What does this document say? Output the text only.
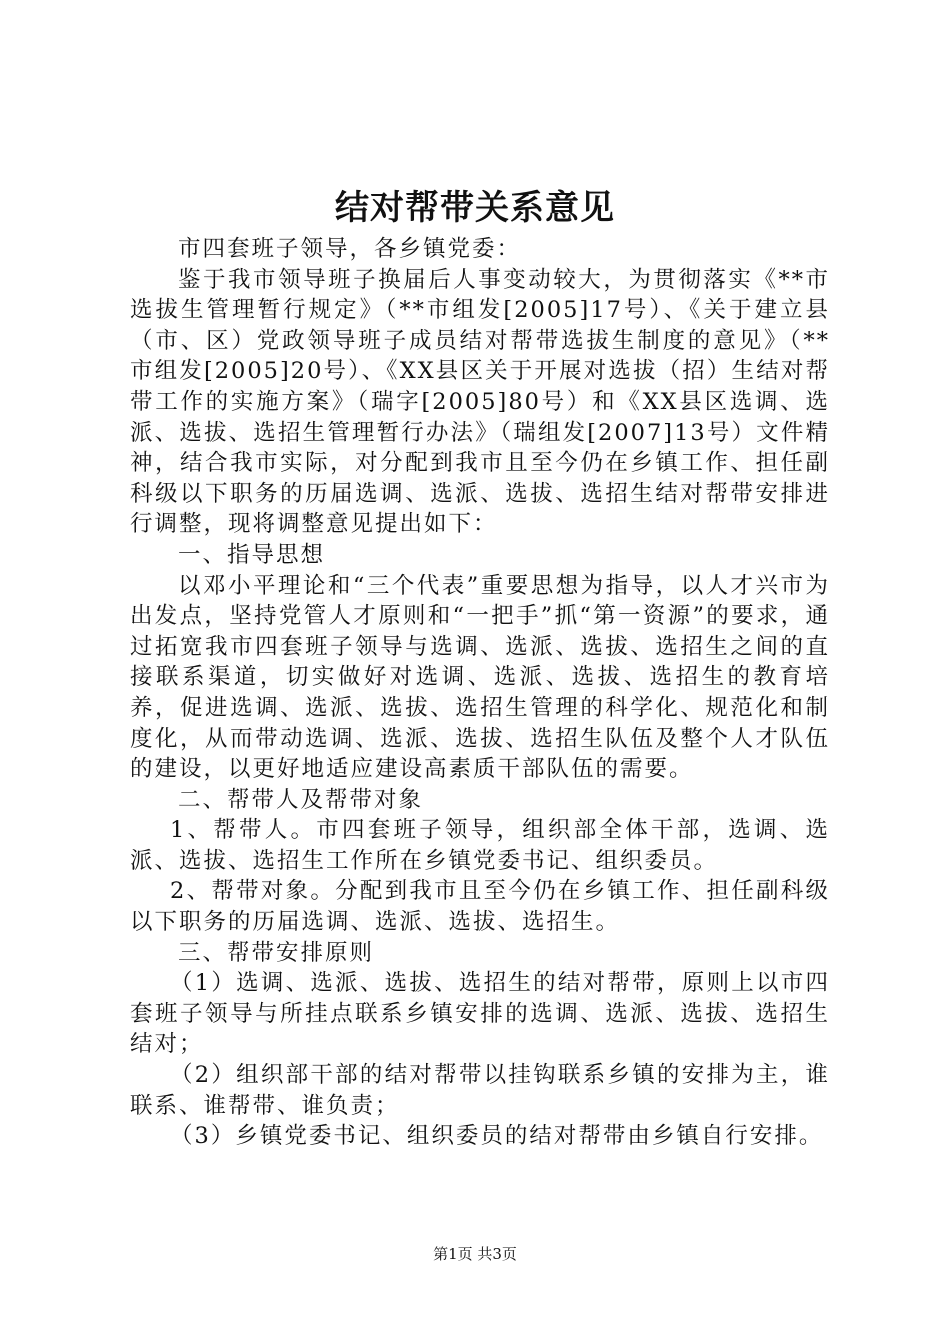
结对帮带关系意见

市四套班子领导，各乡镇党委：

鉴于我市领导班子换届后人事变动较大，为贯彻落实《**市选拔生管理暂行规定》（**市组发[2005]17号）、《关于建立县（市、区）党政领导班子成员结对帮带选拔生制度的意见》（**市组发[2005]20号）、《XX县区关于开展对选拔（招）生结对帮带工作的实施方案》（瑞字[2005]80号）和《XX县区选调、选派、选拔、选招生管理暂行办法》（瑞组发[2007]13号）文件精神，结合我市实际，对分配到我市且至今仍在乡镇工作、担任副科级以下职务的历届选调、选派、选拔、选招生结对帮带安排进行调整，现将调整意见提出如下：

一、指导思想

以邓小平理论和“三个代表”重要思想为指导，以人才兴市为出发点，坚持党管人才原则和“一把手”抓“第一资源”的要求，通过拓宽我市四套班子领导与选调、选派、选拔、选招生之间的直接联系渠道，切实做好对选调、选派、选拔、选招生的教育培养，促进选调、选派、选拔、选招生管理的科学化、规范化和制度化，从而带动选调、选派、选拔、选招生队伍及整个人才队伍的建设，以更好地适应建设高素质干部队伍的需要。

二、帮带人及帮带对象

1、帮带人。市四套班子领导，组织部全体干部，选调、选派、选拔、选招生工作所在乡镇党委书记、组织委员。

2、帮带对象。分配到我市且至今仍在乡镇工作、担任副科级以下职务的历届选调、选派、选拔、选招生。

三、帮带安排原则

（1）选调、选派、选拔、选招生的结对帮带，原则上以市四套班子领导与所挂点联系乡镇安排的选调、选派、选拔、选招生结对；

（2）组织部干部的结对帮带以挂钩联系乡镇的安排为主，谁联系、谁帮带、谁负责；

（3）乡镇党委书记、组织委员的结对帮带由乡镇自行安排。

第1页 共3页
